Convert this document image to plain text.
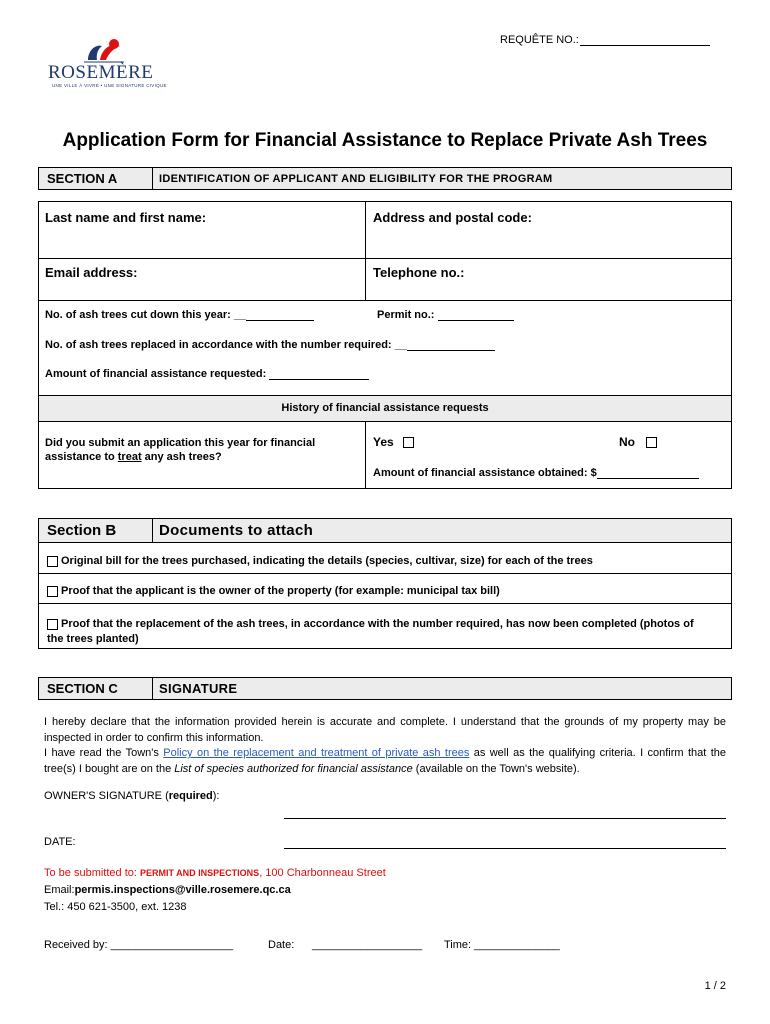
REQUÊTE NO.:
ROSEMÈRE
UNE VILLE À VIVRE • UNE SIGNATURE CIVIQUE
Application Form for Financial Assistance to Replace Private Ash Trees
SECTION A	IDENTIFICATION OF APPLICANT AND ELIGIBILITY FOR THE PROGRAM
Last name and first name:	Address and postal code:
Email address:	Telephone no.:
No. of ash trees cut down this year: __	Permit no.:
No. of ash trees replaced in accordance with the number required: __
Amount of financial assistance requested:
History of financial assistance requests
Did you submit an application this year for financial assistance to treat any ash trees?
Yes	No
Amount of financial assistance obtained: $
Section B	Documents to attach
Original bill for the trees purchased, indicating the details (species, cultivar, size) for each of the trees
Proof that the applicant is the owner of the property (for example: municipal tax bill)
Proof that the replacement of the ash trees, in accordance with the number required, has now been completed (photos of the trees planted)
SECTION C	SIGNATURE
I hereby declare that the information provided herein is accurate and complete. I understand that the grounds of my property may be inspected in order to confirm this information.
I have read the Town's Policy on the replacement and treatment of private ash trees as well as the qualifying criteria. I confirm that the tree(s) I bought are on the List of species authorized for financial assistance (available on the Town's website).
OWNER'S SIGNATURE (required):
DATE:
To be submitted to: PERMIT AND INSPECTIONS, 100 Charbonneau Street
Email:permis.inspections@ville.rosemere.qc.ca
Tel.: 450 621-3500, ext. 1238
Received by: ____________________	Date: __________________ Time: ______________
1 / 2
